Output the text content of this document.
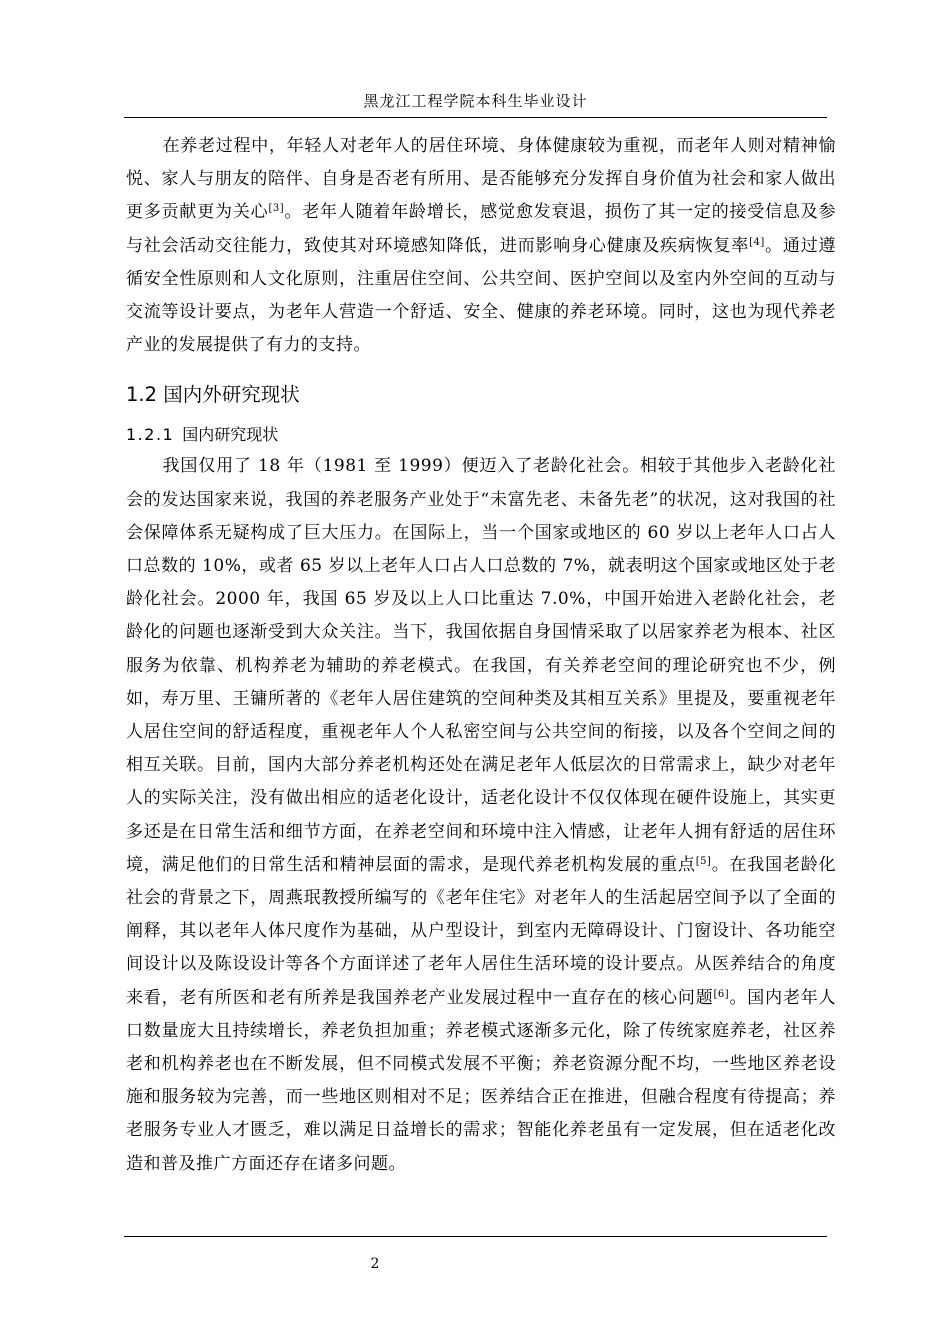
黑龙江工程学院本科生毕业设计

在养老过程中，年轻人对老年人的居住环境、身体健康较为重视，而老年人则对精神愉悦、家人与朋友的陪伴、自身是否老有所用、是否能够充分发挥自身价值为社会和家人做出更多贡献更为关心[3]。老年人随着年龄增长，感觉愈发衰退，损伤了其一定的接受信息及参与社会活动交往能力，致使其对环境感知降低，进而影响身心健康及疾病恢复率[4]。通过遵循安全性原则和人文化原则，注重居住空间、公共空间、医护空间以及室内外空间的互动与交流等设计要点，为老年人营造一个舒适、安全、健康的养老环境。同时，这也为现代养老产业的发展提供了有力的支持。

1.2 国内外研究现状
1.2.1 国内研究现状

我国仅用了 18 年（1981 至 1999）便迈入了老龄化社会。相较于其他步入老龄化社会的发达国家来说，我国的养老服务产业处于“未富先老、未备先老”的状况，这对我国的社会保障体系无疑构成了巨大压力。在国际上，当一个国家或地区的 60 岁以上老年人口占人口总数的 10%，或者 65 岁以上老年人口占人口总数的 7%，就表明这个国家或地区处于老龄化社会。2000 年，我国 65 岁及以上人口比重达 7.0%，中国开始进入老龄化社会，老龄化的问题也逐渐受到大众关注。当下，我国依据自身国情采取了以居家养老为根本、社区服务为依靠、机构养老为辅助的养老模式。在我国，有关养老空间的理论研究也不少，例如，寿万里、王镛所著的《老年人居住建筑的空间种类及其相互关系》里提及，要重视老年人居住空间的舒适程度，重视老年人个人私密空间与公共空间的衔接，以及各个空间之间的相互关联。目前，国内大部分养老机构还处在满足老年人低层次的日常需求上，缺少对老年人的实际关注，没有做出相应的适老化设计，适老化设计不仅仅体现在硬件设施上，其实更多还是在日常生活和细节方面，在养老空间和环境中注入情感，让老年人拥有舒适的居住环境，满足他们的日常生活和精神层面的需求，是现代养老机构发展的重点[5]。在我国老龄化社会的背景之下，周燕珉教授所编写的《老年住宅》对老年人的生活起居空间予以了全面的阐释，其以老年人体尺度作为基础，从户型设计，到室内无障碍设计、门窗设计、各功能空间设计以及陈设设计等各个方面详述了老年人居住生活环境的设计要点。从医养结合的角度来看，老有所医和老有所养是我国养老产业发展过程中一直存在的核心问题[6]。国内老年人口数量庞大且持续增长，养老负担加重；养老模式逐渐多元化，除了传统家庭养老，社区养老和机构养老也在不断发展，但不同模式发展不平衡；养老资源分配不均，一些地区养老设施和服务较为完善，而一些地区则相对不足；医养结合正在推进，但融合程度有待提高；养老服务专业人才匮乏，难以满足日益增长的需求；智能化养老虽有一定发展，但在适老化改造和普及推广方面还存在诸多问题。

2
